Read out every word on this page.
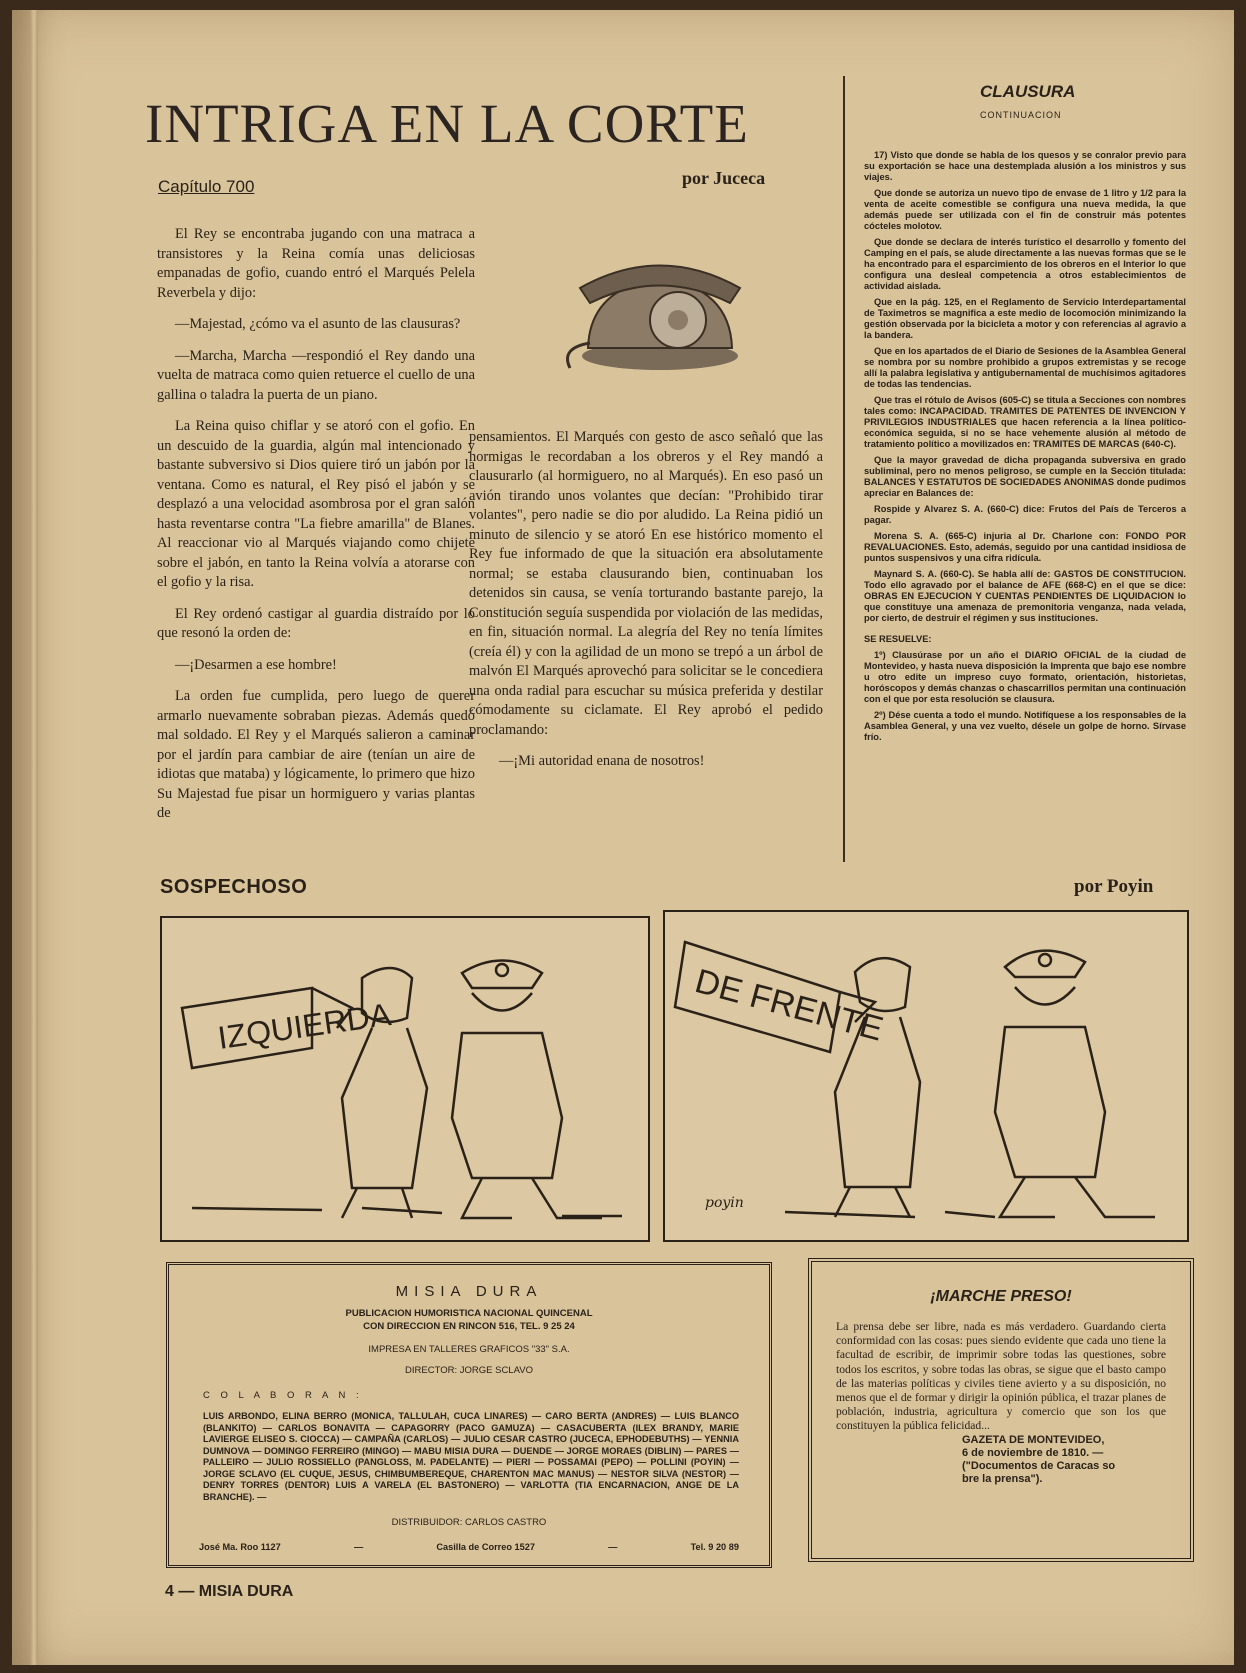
INTRIGA EN LA CORTE
Capítulo 700	por Juceca

El Rey se encontraba jugando con una matraca a transistores y la Reina comía unas deliciosas empanadas de gofio, cuando entró el Marqués Pelela Reverbela y dijo:

—Majestad, ¿cómo va el asunto de las clausuras?

—Marcha, Marcha —respondió el Rey dando una vuelta de matraca como quien retuerce el cuello de una gallina o taladra la puerta de un piano.

La Reina quiso chiflar y se atoró con el gofio. En un descuido de la guardia, algún mal intencionado y bastante subversivo si Dios quiere tiró un jabón por la ventana. Como es natural, el Rey pisó el jabón y se desplazó a una velocidad asombrosa por el gran salón hasta reventarse contra "La fiebre amarilla" de Blanes. Al reaccionar vio al Marqués viajando como chijete sobre el jabón, en tanto la Reina volvía a atorarse con el gofio y la risa.

El Rey ordenó castigar al guardia distraído por lo que resonó la orden de:

—¡Desarmen a ese hombre!

La orden fue cumplida, pero luego de querer armarlo nuevamente sobraban piezas. Además quedó mal soldado. El Rey y el Marqués salieron a caminar por el jardín para cambiar de aire (tenían un aire de idiotas que mataba) y lógicamente, lo primero que hizo Su Majestad fue pisar un hormiguero y varias plantas de

pensamientos. El Marqués con gesto de asco señaló que las hormigas le recordaban a los obreros y el Rey mandó a clausurarlo (al hormiguero, no al Marqués). En eso pasó un avión tirando unos volantes que decían: "Prohibido tirar volantes", pero nadie se dio por aludido. La Reina pidió un minuto de silencio y se atoró En ese histórico momento el Rey fue informado de que la situación era absolutamente normal; se estaba clausurando bien, continuaban los detenidos sin causa, se venía torturando bastante parejo, la Constitución seguía suspendida por violación de las medidas, en fin, situación normal. La alegría del Rey no tenía límites (creía él) y con la agilidad de un mono se trepó a un árbol de malvón El Marqués aprovechó para solicitar se le concediera una onda radial para escuchar su música preferida y destilar cómodamente su ciclamate. El Rey aprobó el pedido proclamando:

—¡Mi autoridad enana de nosotros!

CLAUSURA
CONTINUACION

17) Visto que donde se habla de los quesos y se conralor previo para su exportación se hace una destemplada alusión a los ministros y sus viajes.

Que donde se autoriza un nuevo tipo de envase de 1 litro y 1/2 para la venta de aceite comestible se configura una nueva medida, la que además puede ser utilizada con el fin de construir más potentes cócteles molotov.

Que donde se declara de interés turístico el desarrollo y fomento del Camping en el país, se alude directamente a las nuevas formas que se le ha encontrado para el esparcimiento de los obreros en el Interior lo que configura una desleal competencia a otros establecimientos de actividad aislada.

Que en la pág. 125, en el Reglamento de Servicio Interdepartamental de Taximetros se magnifica a este medio de locomoción minimizando la gestión observada por la bicicleta a motor y con referencias al agravio a la bandera.

Que en los apartados de el Diario de Sesiones de la Asamblea General se nombra por su nombre prohibido a grupos extremistas y se recoge allí la palabra legislativa y antigubernamental de muchísimos agitadores de todas las tendencias.

Que tras el rótulo de Avisos (605-C) se titula a Secciones con nombres tales como: INCAPACIDAD. TRAMITES DE PATENTES DE INVENCION Y PRIVILEGIOS INDUSTRIALES que hacen referencia a la línea político-económica seguida, si no se hace vehemente alusión al método de tratamiento político a movilizados en: TRAMITES DE MARCAS (640-C).

Que la mayor gravedad de dicha propaganda subversiva en grado subliminal, pero no menos peligroso, se cumple en la Sección titulada: BALANCES Y ESTATUTOS DE SOCIEDADES ANONIMAS donde pudimos apreciar en Balances de:

Rospide y Alvarez S. A. (660-C) dice: Frutos del País de Terceros a pagar.

Morena S. A. (665-C) injuria al Dr. Charlone con: FONDO POR REVALUACIONES. Esto, además, seguido por una cantidad insidiosa de puntos suspensivos y una cifra ridícula.

Maynard S. A. (660-C). Se habla allí de: GASTOS DE CONSTITUCION. Todo ello agravado por el balance de AFE (668-C) en el que se dice: OBRAS EN EJECUCION Y CUENTAS PENDIENTES DE LIQUIDACION lo que constituye una amenaza de premonitoria venganza, nada velada, por cierto, de destruir el régimen y sus instituciones.

SE RESUELVE:

1º) Clausúrase por un año el DIARIO OFICIAL de la ciudad de Montevideo, y hasta nueva disposición la Imprenta que bajo ese nombre u otro edite un impreso cuyo formato, orientación, historietas, horóscopos y demás chanzas o chascarrillos permitan una continuación con el que por esta resolución se clausura.

2º) Dése cuenta a todo el mundo. Notifíquese a los responsables de la Asamblea General, y una vez vuelto, désele un golpe de horno. Sírvase frío.

SOSPECHOSO	por Poyin
IZQUIERDA	DE FRENTE
poyin
MISIA DURA
PUBLICACION HUMORISTICA NACIONAL QUINCENAL
CON DIRECCION EN RINCON 516, TEL. 9 25 24
IMPRESA EN TALLERES GRAFICOS "33" S.A.
DIRECTOR: JORGE SCLAVO
C O L A B O R A N :
LUIS ARBONDO, ELINA BERRO (MONICA, TALLULAH, CUCA LINARES) — CARO BERTA (ANDRES) — LUIS BLANCO (BLANKITO) — CARLOS BONAVITA — CAPAGORRY (PACO GAMUZA) — CASACUBERTA (ILEX BRANDY, MARIE LAVIERGE ELISEO S. CIOCCA) — CAMPAÑA (CARLOS) — JULIO CESAR CASTRO (JUCECA, EPHODEBUTHS) — YENNIA DUMNOVA — DOMINGO FERREIRO (MINGO) — MABU MISIA DURA — DUENDE — JORGE MORAES (DIBLIN) — PARES — PALLEIRO — JULIO ROSSIELLO (PANGLOSS, M. PADELANTE) — PIERI — POSSAMAI (PEPO) — POLLINI (POYIN) — JORGE SCLAVO (EL CUQUE, JESUS, CHIMBUMBEREQUE, CHARENTON MAC MANUS) — NESTOR SILVA (NESTOR) — DENRY TORRES (DENTOR) LUIS A VARELA (EL BASTONERO) — VARLOTTA (TIA ENCARNACION, ANGE DE LA BRANCHE). —
DISTRIBUIDOR: CARLOS CASTRO
José Ma. Roo 1127	—	Casilla de Correo 1527	—	Tel. 9 20 89
¡MARCHE PRESO!
La prensa debe ser libre, nada es más verdadero. Guardando cierta conformidad con las cosas: pues siendo evidente que cada uno tiene la facultad de escribir, de imprimir sobre todas las questiones, sobre todos los escritos, y sobre todas las obras, se sigue que el basto campo de las materias políticas y civiles tiene avierto y a su disposición, no menos que el de formar y dirigir la opinión pública, el trazar planes de población, industria, agricultura y comercio que son los que constituyen la pública felicidad...
GAZETA DE MONTEVIDEO,
6 de noviembre de 1810. —
("Documentos de Caracas so
bre la prensa").
4 — MISIA DURA
